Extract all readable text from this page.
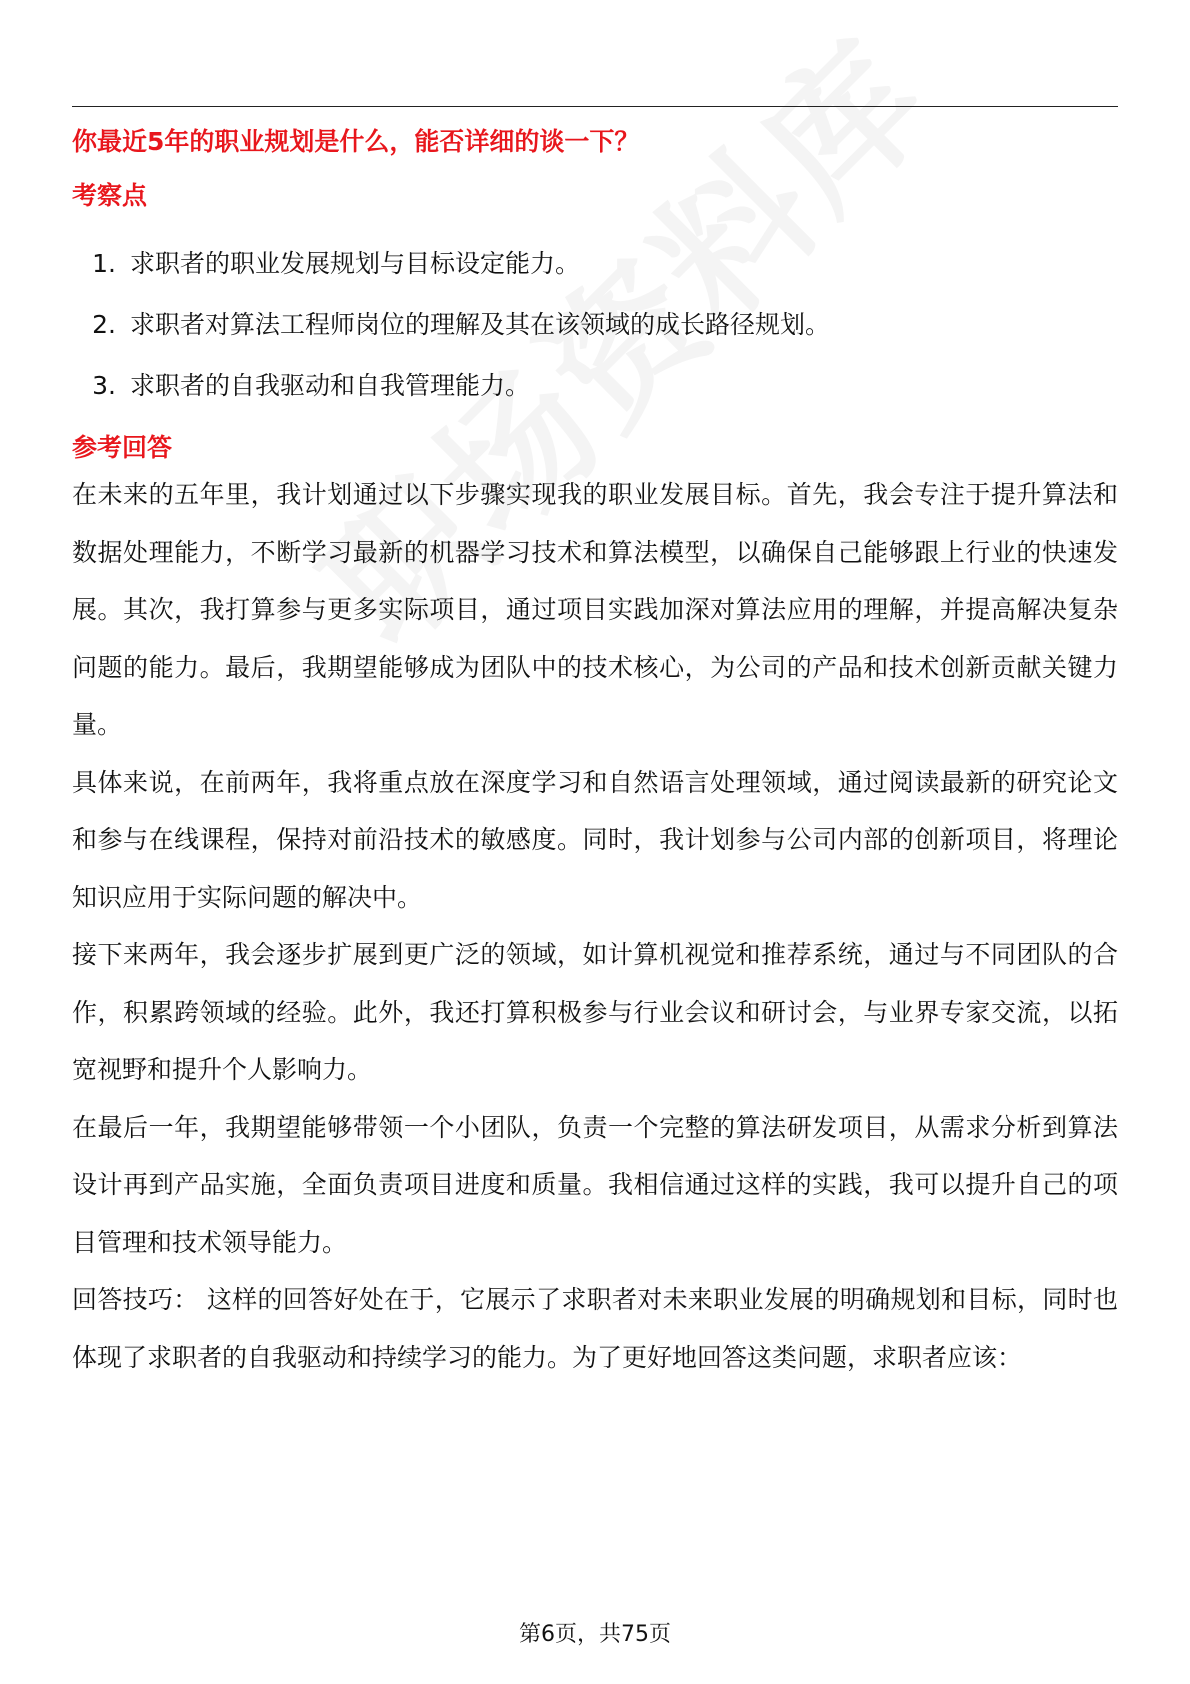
你最近5年的职业规划是什么，能否详细的谈一下？
考察点
1. 求职者的职业发展规划与目标设定能力。
2. 求职者对算法工程师岗位的理解及其在该领域的成长路径规划。
3. 求职者的自我驱动和自我管理能力。
参考回答

在未来的五年里，我计划通过以下步骤实现我的职业发展目标。首先，我会专注于提升算法和数据处理能力，不断学习最新的机器学习技术和算法模型，以确保自己能够跟上行业的快速发展。其次，我打算参与更多实际项目，通过项目实践加深对算法应用的理解，并提高解决复杂问题的能力。最后，我期望能够成为团队中的技术核心，为公司的产品和技术创新贡献关键力量。

具体来说，在前两年，我将重点放在深度学习和自然语言处理领域，通过阅读最新的研究论文和参与在线课程，保持对前沿技术的敏感度。同时，我计划参与公司内部的创新项目，将理论知识应用于实际问题的解决中。

接下来两年，我会逐步扩展到更广泛的领域，如计算机视觉和推荐系统，通过与不同团队的合作，积累跨领域的经验。此外，我还打算积极参与行业会议和研讨会，与业界专家交流，以拓宽视野和提升个人影响力。

在最后一年，我期望能够带领一个小团队，负责一个完整的算法研发项目，从需求分析到算法设计再到产品实施，全面负责项目进度和质量。我相信通过这样的实践，我可以提升自己的项目管理和技术领导能力。

回答技巧： 这样的回答好处在于，它展示了求职者对未来职业发展的明确规划和目标，同时也体现了求职者的自我驱动和持续学习的能力。为了更好地回答这类问题，求职者应该：

第6页，共75页
